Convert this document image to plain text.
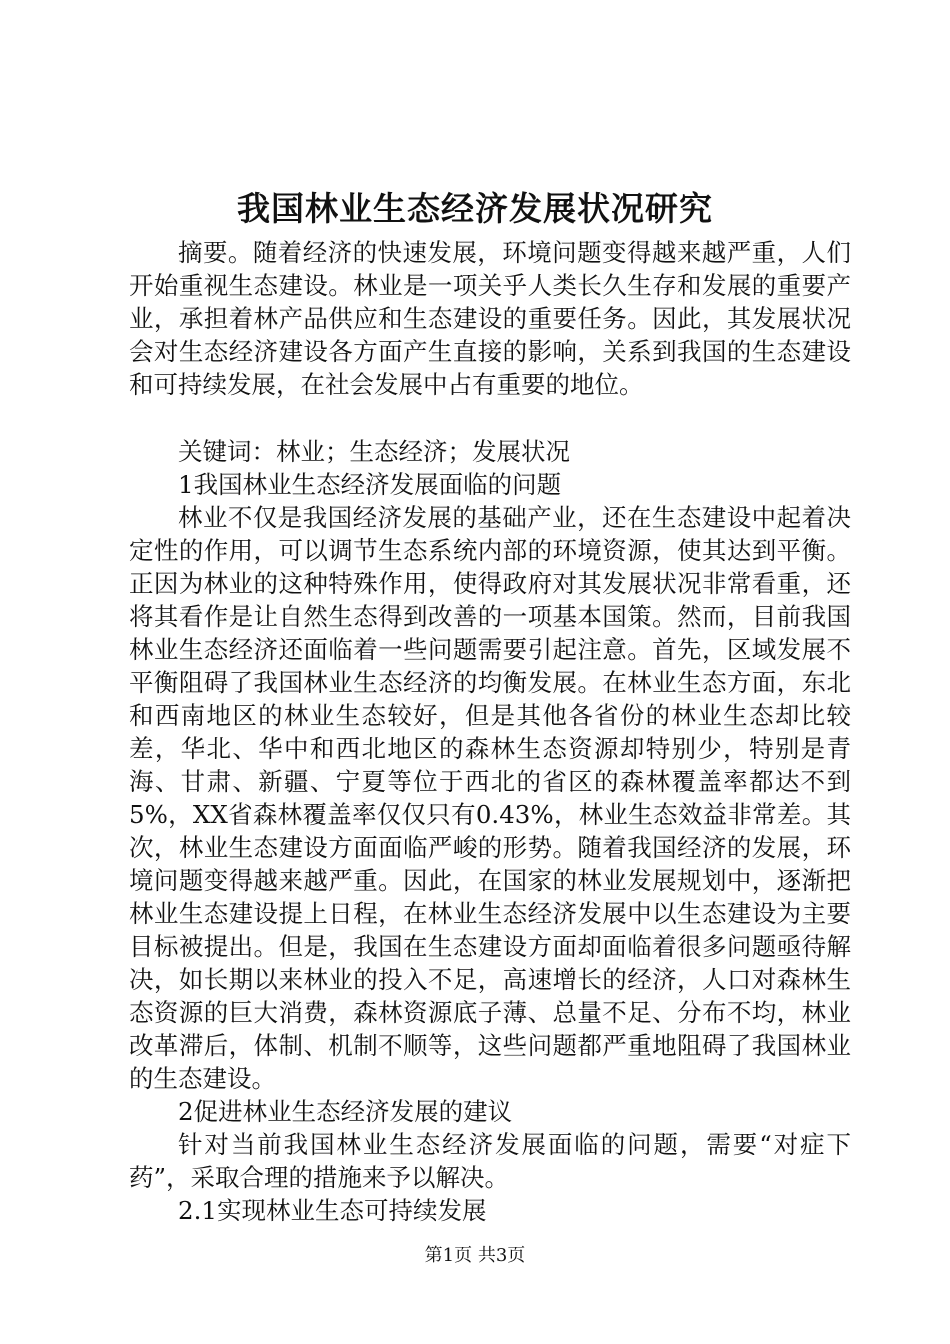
我国林业生态经济发展状况研究

摘要。随着经济的快速发展，环境问题变得越来越严重，人们开始重视生态建设。林业是一项关乎人类长久生存和发展的重要产业，承担着林产品供应和生态建设的重要任务。因此，其发展状况会对生态经济建设各方面产生直接的影响，关系到我国的生态建设和可持续发展，在社会发展中占有重要的地位。

关键词：林业；生态经济；发展状况

1我国林业生态经济发展面临的问题

林业不仅是我国经济发展的基础产业，还在生态建设中起着决定性的作用，可以调节生态系统内部的环境资源，使其达到平衡。正因为林业的这种特殊作用，使得政府对其发展状况非常看重，还将其看作是让自然生态得到改善的一项基本国策。然而，目前我国林业生态经济还面临着一些问题需要引起注意。首先，区域发展不平衡阻碍了我国林业生态经济的均衡发展。在林业生态方面，东北和西南地区的林业生态较好，但是其他各省份的林业生态却比较差，华北、华中和西北地区的森林生态资源却特别少，特别是青海、甘肃、新疆、宁夏等位于西北的省区的森林覆盖率都达不到5%，XX省森林覆盖率仅仅只有0.43%，林业生态效益非常差。其次，林业生态建设方面面临严峻的形势。随着我国经济的发展，环境问题变得越来越严重。因此，在国家的林业发展规划中，逐渐把林业生态建设提上日程，在林业生态经济发展中以生态建设为主要目标被提出。但是，我国在生态建设方面却面临着很多问题亟待解决，如长期以来林业的投入不足，高速增长的经济，人口对森林生态资源的巨大消费，森林资源底子薄、总量不足、分布不均，林业改革滞后，体制、机制不顺等，这些问题都严重地阻碍了我国林业的生态建设。

2促进林业生态经济发展的建议

针对当前我国林业生态经济发展面临的问题，需要“对症下药”，采取合理的措施来予以解决。

2.1实现林业生态可持续发展

第1页 共3页
